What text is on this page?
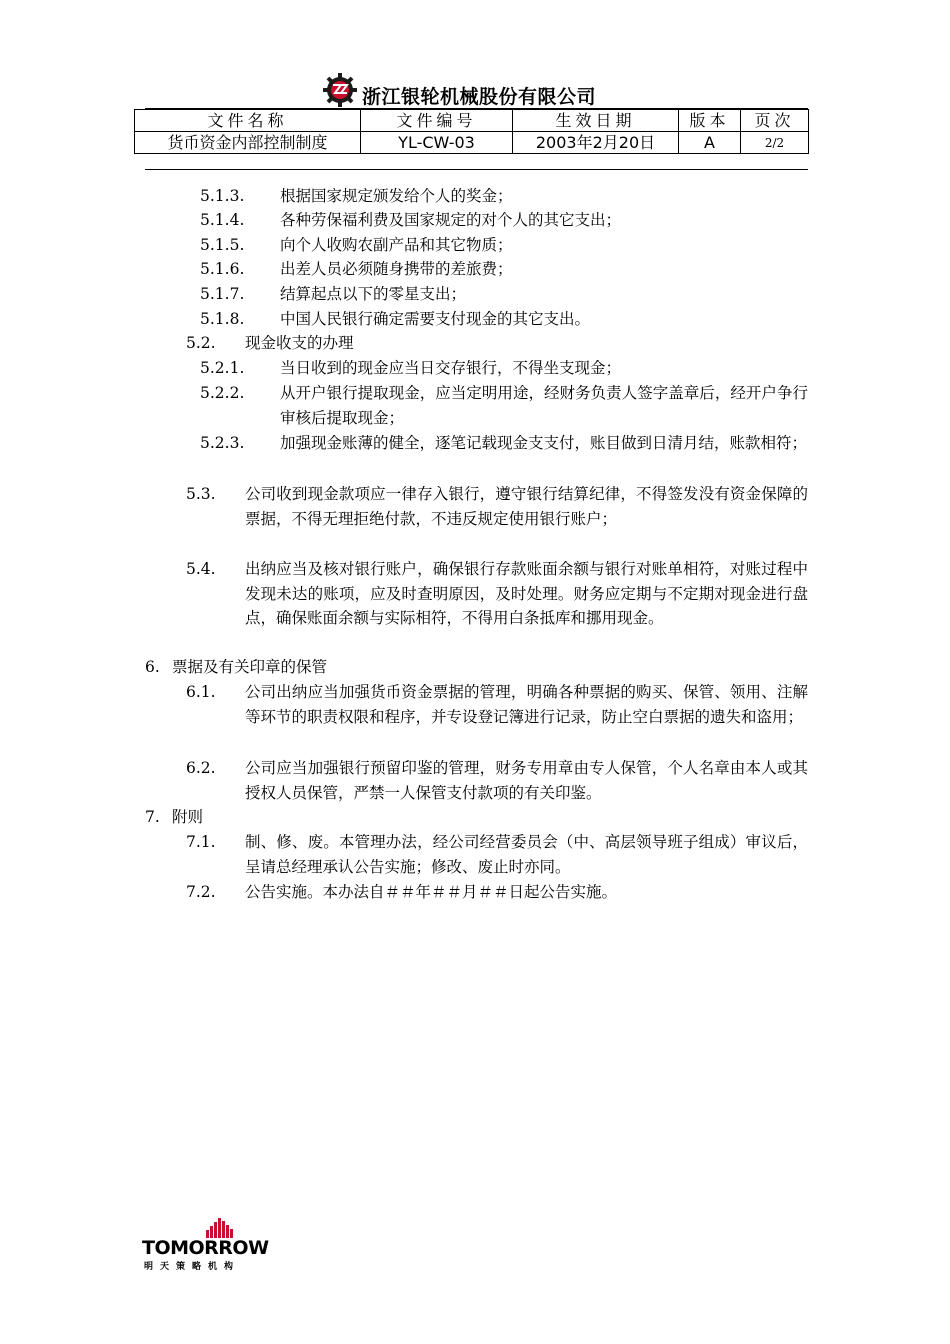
浙江银轮机械股份有限公司
文件名称	文件编号	生效日期	版本	页次
货币资金内部控制制度	YL-CW-03	2003年2月20日	A	2/2
5.1.3. 根据国家规定颁发给个人的奖金；
5.1.4. 各种劳保福利费及国家规定的对个人的其它支出；
5.1.5. 向个人收购农副产品和其它物质；
5.1.6. 出差人员必须随身携带的差旅费；
5.1.7. 结算起点以下的零星支出；
5.1.8. 中国人民银行确定需要支付现金的其它支出。
5.2. 现金收支的办理
5.2.1. 当日收到的现金应当日交存银行，不得坐支现金；
5.2.2. 从开户银行提取现金，应当定明用途，经财务负责人签字盖章后，经开户争行审核后提取现金；
5.2.3. 加强现金账薄的健全，逐笔记载现金支支付，账目做到日清月结，账款相符；
5.3. 公司收到现金款项应一律存入银行，遵守银行结算纪律，不得签发没有资金保障的票据，不得无理拒绝付款，不违反规定使用银行账户；
5.4. 出纳应当及核对银行账户，确保银行存款账面余额与银行对账单相符，对账过程中发现未达的账项，应及时查明原因，及时处理。财务应定期与不定期对现金进行盘点，确保账面余额与实际相符，不得用白条抵库和挪用现金。
6. 票据及有关印章的保管
6.1. 公司出纳应当加强货币资金票据的管理，明确各种票据的购买、保管、领用、注解等环节的职责权限和程序，并专设登记簿进行记录，防止空白票据的遗失和盗用；
6.2. 公司应当加强银行预留印鉴的管理，财务专用章由专人保管，个人名章由本人或其授权人员保管，严禁一人保管支付款项的有关印鉴。
7. 附则
7.1. 制、修、废。本管理办法，经公司经营委员会（中、高层领导班子组成）审议后，呈请总经理承认公告实施；修改、废止时亦同。
7.2. 公告实施。本办法自＃＃年＃＃月＃＃日起公告实施。
TOMORROW
明天策略机构
